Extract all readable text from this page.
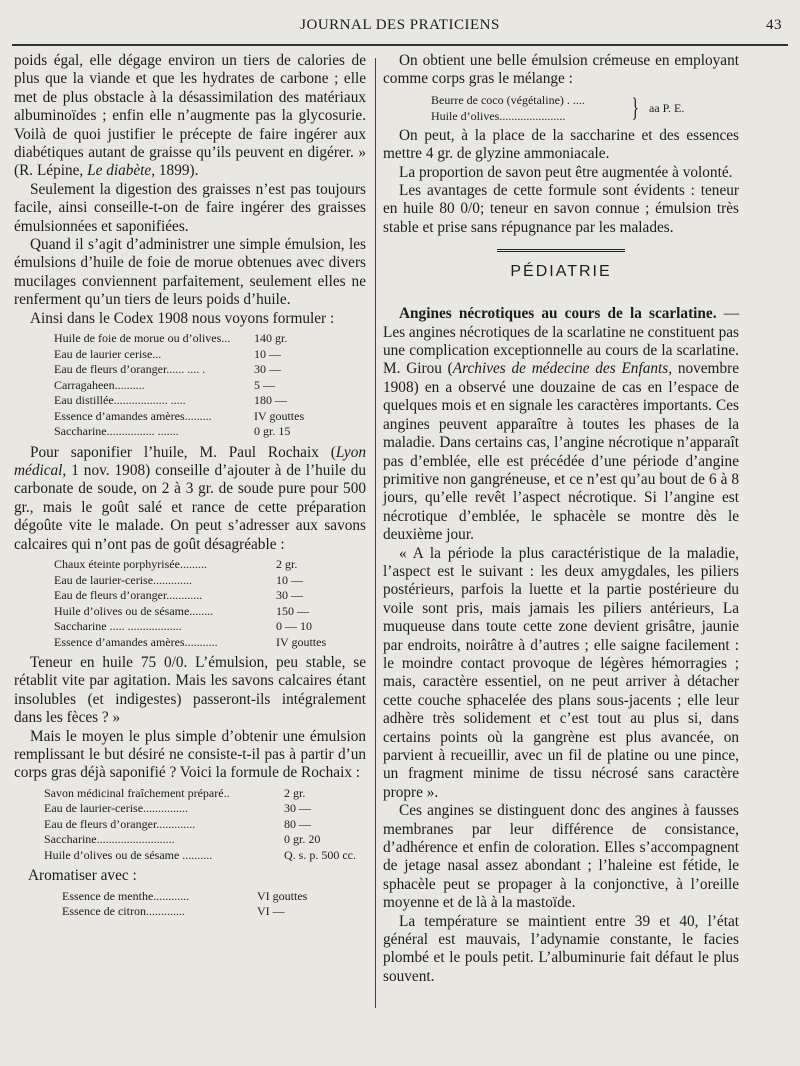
JOURNAL DES PRATICIENS	43

poids égal, elle dégage environ un tiers de calories de plus que la viande et que les hydrates de carbone ; elle met de plus obstacle à la désassimilation des matériaux albuminoïdes ; enfin elle n’augmente pas la glycosurie. Voilà de quoi justifier le précepte de faire ingérer aux diabétiques autant de graisse qu’ils peuvent en digérer. » (R. Lépine, Le diabète, 1899).

Seulement la digestion des graisses n’est pas toujours facile, ainsi conseille-t-on de faire ingérer des graisses émulsionnées et saponifiées.

Quand il s’agit d’administrer une simple émulsion, les émulsions d’huile de foie de morue obtenues avec divers mucilages conviennent parfaitement, seulement elles ne renferment qu’un tiers de leurs poids d’huile.

Ainsi dans le Codex 1908 nous voyons formuler :

Huile de foie de morue ou d’olives... 140 gr.
Eau de laurier cerise...	10 —
Eau de fleurs d’oranger...... .... .	30 —
Carragaheen..........	5 —
Eau distillée.................. .....	180 —
Essence d’amandes amères.........	IV gouttes
Saccharine................ .......	0 gr. 15

Pour saponifier l’huile, M. Paul Rochaix (Lyon médical, 1 nov. 1908) conseille d’ajouter à de l’huile du carbonate de soude, on 2 à 3 gr. de soude pure pour 500 gr., mais le goût salé et rance de cette préparation dégoûte vite le malade. On peut s’adresser aux savons calcaires qui n’ont pas de goût désagréable :

Chaux éteinte porphyrisée.........	2 gr.
Eau de laurier-cerise.............	10 —
Eau de fleurs d’oranger............	30 —
Huile d’olives ou de sésame........	150 —
Saccharine ..... ..................	0 — 10
Essence d’amandes amères...........	IV gouttes

Teneur en huile 75 0/0. L’émulsion, peu stable, se rétablit vite par agitation. Mais les savons calcaires étant insolubles (et indigestes) passeront-ils intégralement dans les fèces ? »

Mais le moyen le plus simple d’obtenir une émulsion remplissant le but désiré ne consiste-t-il pas à partir d’un corps gras déjà saponifié ? Voici la formule de Rochaix :

Savon médicinal fraîchement préparé..	2 gr.
Eau de laurier-cerise...............	30 —
Eau de fleurs d’oranger.............	80 —
Saccharine..........................	0 gr. 20
Huile d’olives ou de sésame ..........	Q. s. p. 500 cc.
Aromatiser avec :
Essence de menthe............	VI gouttes
Essence de citron.............	VI —

On obtient une belle émulsion crémeuse en employant comme corps gras le mélange :

Beurre de coco (végétaline) . ....
Huile d’olives......................	} aa P. E.

On peut, à la place de la saccharine et des essences mettre 4 gr. de glyzine ammoniacale.

La proportion de savon peut être augmentée à volonté.

Les avantages de cette formule sont évidents : teneur en huile 80 0/0; teneur en savon connue ; émulsion très stable et prise sans répugnance par les malades.

PÉDIATRIE

Angines nécrotiques au cours de la scarlatine. — Les angines nécrotiques de la scarlatine ne constituent pas une complication exceptionnelle au cours de la scarlatine. M. Girou (Archives de médecine des Enfants, novembre 1908) en a observé une douzaine de cas en l’espace de quelques mois et en signale les caractères importants. Ces angines peuvent apparaître à toutes les phases de la maladie. Dans certains cas, l’angine nécrotique n’apparaît pas d’emblée, elle est précédée d’une période d’angine primitive non gangréneuse, et ce n’est qu’au bout de 6 à 8 jours, qu’elle revêt l’aspect nécrotique. Si l’angine est nécrotique d’emblée, le sphacèle se montre dès le deuxième jour.

« A la période la plus caractéristique de la maladie, l’aspect est le suivant : les deux amygdales, les piliers postérieurs, parfois la luette et la partie postérieure du voile sont pris, mais jamais les piliers antérieurs, La muqueuse dans toute cette zone devient grisâtre, jaunie par endroits, noirâtre à d’autres ; elle saigne facilement : le moindre contact provoque de légères hémorragies ; mais, caractère essentiel, on ne peut arriver à détacher cette couche sphacelée des plans sous-jacents ; elle leur adhère très solidement et c’est tout au plus si, dans certains points où la gangrène est plus avancée, on parvient à recueillir, avec un fil de platine ou une pince, un fragment minime de tissu nécrosé sans caractère propre ».

Ces angines se distinguent donc des angines à fausses membranes par leur différence de consistance, d’adhérence et enfin de coloration. Elles s’accompagnent de jetage nasal assez abondant ; l’haleine est fétide, le sphacèle peut se propager à la conjonctive, à l’oreille moyenne et de là à la mastoïde.

La température se maintient entre 39 et 40, l’état général est mauvais, l’adynamie constante, le facies plombé et le pouls petit. L’albuminurie fait défaut le plus souvent.
